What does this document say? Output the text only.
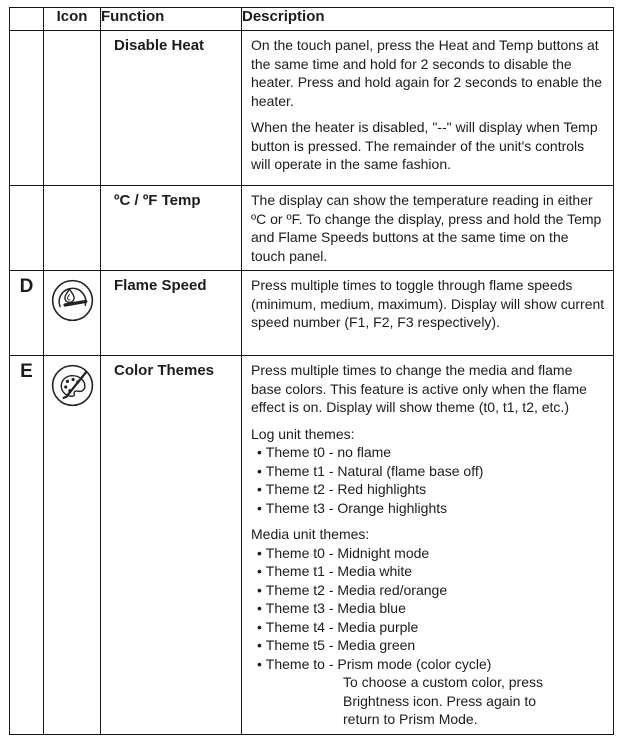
	Icon	Function	Description
		Disable Heat	On the touch panel, press the Heat and Temp buttons at the same time and hold for 2 seconds to disable the heater. Press and hold again for 2 seconds to enable the heater.

When the heater is disabled, "--" will display when Temp button is pressed. The remainder of the unit's controls will operate in the same fashion.

		ºC / ºF Temp	The display can show the temperature reading in either ºC or ºF. To change the display, press and hold the Temp and Flame Speeds buttons at the same time on the touch panel.

D		Flame Speed	Press multiple times to toggle through flame speeds (minimum, medium, maximum). Display will show current speed number (F1, F2, F3 respectively).

E		Color Themes	Press multiple times to change the media and flame base colors. This feature is active only when the flame effect is on. Display will show theme (t0, t1, t2, etc.)

Log unit themes:
• Theme t0 - no flame
• Theme t1 - Natural (flame base off)
• Theme t2 - Red highlights
• Theme t3 - Orange highlights
Media unit themes:
• Theme t0 - Midnight mode
• Theme t1 - Media white
• Theme t2 - Media red/orange
• Theme t3 - Media blue
• Theme t4 - Media purple
• Theme t5 - Media green
• Theme to - Prism mode (color cycle)
To choose a custom color, press Brightness icon. Press again to return to Prism Mode.
